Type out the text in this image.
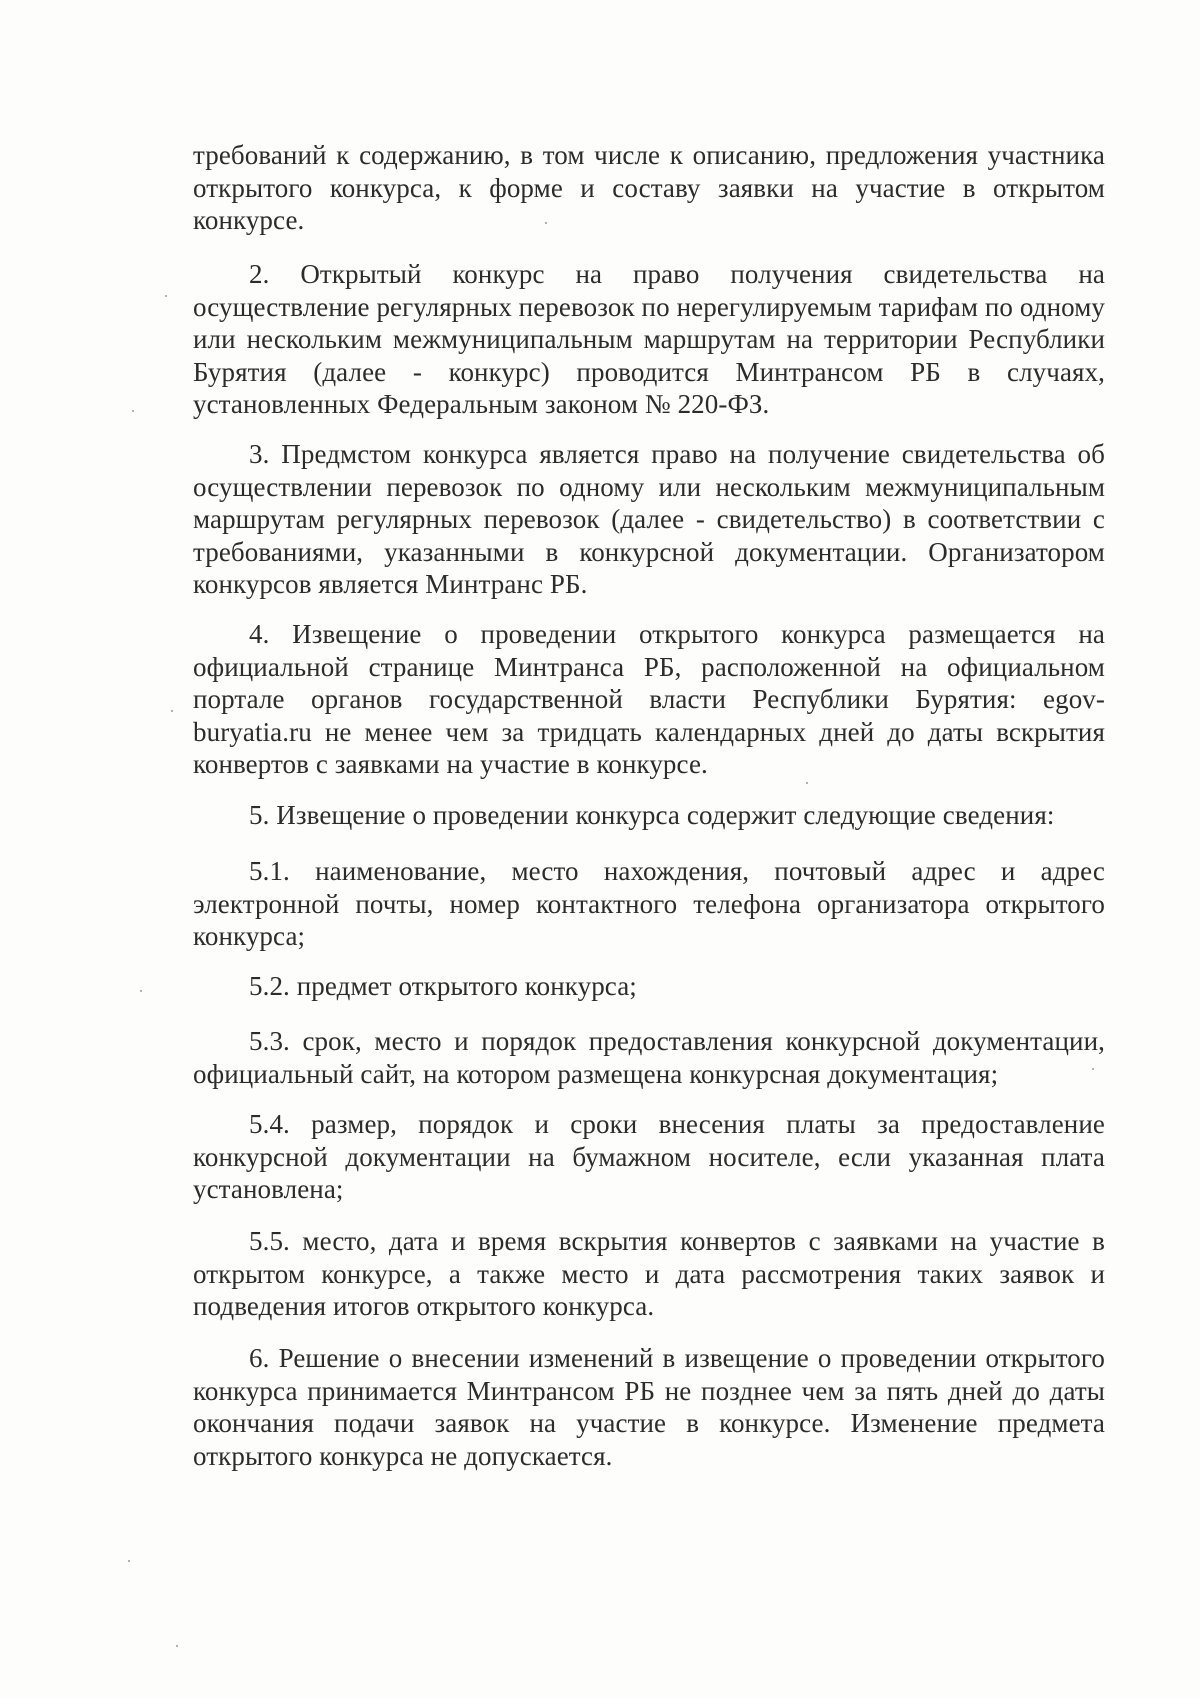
требований к содержанию, в том числе к описанию, предложения участника открытого конкурса, к форме и составу заявки на участие в открытом конкурсе.

2. Открытый конкурс на право получения свидетельства на осуществление регулярных перевозок по нерегулируемым тарифам по одному или нескольким межмуниципальным маршрутам на территории Республики Бурятия (далее - конкурс) проводится Минтрансом РБ в случаях, установленных Федеральным законом № 220-ФЗ.

3. Предмстом конкурса является право на получение свидетельства об осуществлении перевозок по одному или нескольким межмуниципальным маршрутам регулярных перевозок (далее - свидетельство) в соответствии с требованиями, указанными в конкурсной документации. Организатором конкурсов является Минтранс РБ.

4. Извещение о проведении открытого конкурса размещается на официальной странице Минтранса РБ, расположенной на официальном портале органов государственной власти Республики Бурятия: egov-buryatia.ru не менее чем за тридцать календарных дней до даты вскрытия конвертов с заявками на участие в конкурсе.

5. Извещение о проведении конкурса содержит следующие сведения:

5.1. наименование, место нахождения, почтовый адрес и адрес электронной почты, номер контактного телефона организатора открытого конкурса;

5.2. предмет открытого конкурса;

5.3. срок, место и порядок предоставления конкурсной документации, официальный сайт, на котором размещена конкурсная документация;

5.4. размер, порядок и сроки внесения платы за предоставление конкурсной документации на бумажном носителе, если указанная плата установлена;

5.5. место, дата и время вскрытия конвертов с заявками на участие в открытом конкурсе, а также место и дата рассмотрения таких заявок и подведения итогов открытого конкурса.

6. Решение о внесении изменений в извещение о проведении открытого конкурса принимается Минтрансом РБ не позднее чем за пять дней до даты окончания подачи заявок на участие в конкурсе. Изменение предмета открытого конкурса не допускается.
